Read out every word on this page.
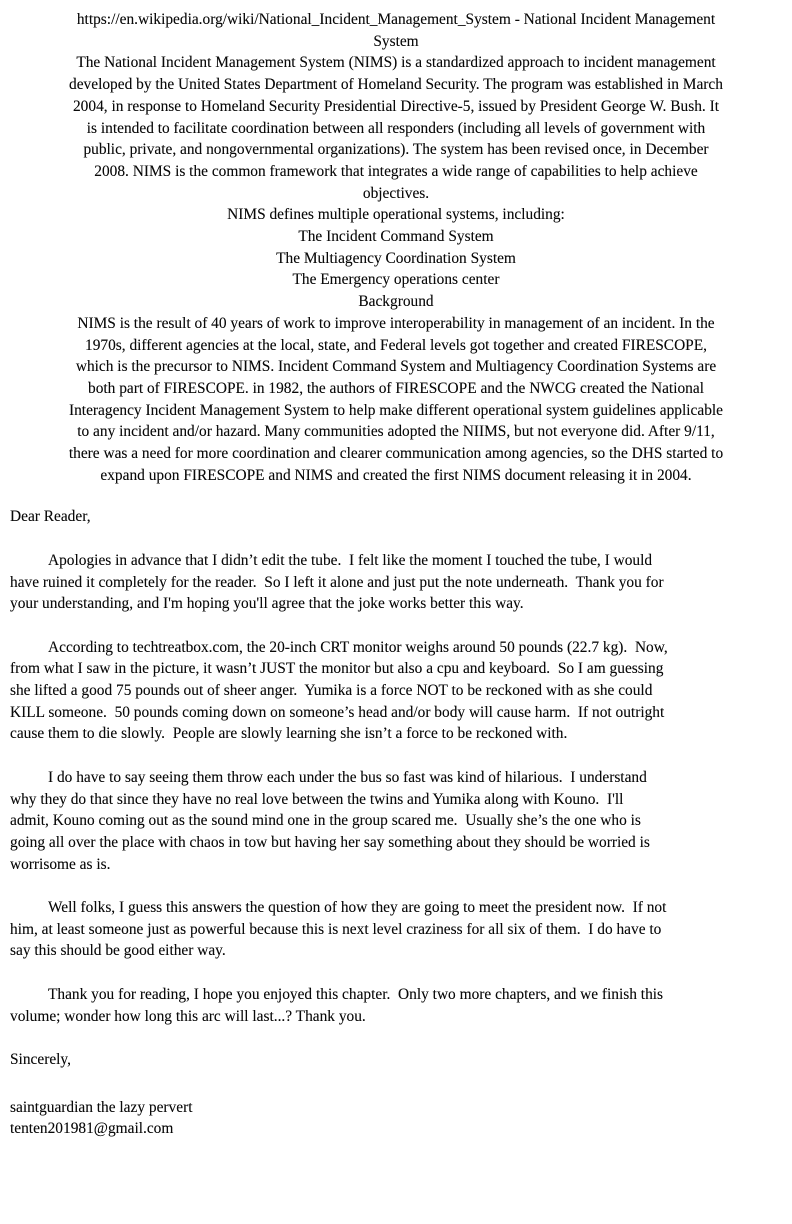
https://en.wikipedia.org/wiki/National_Incident_Management_System - National Incident Management
System
The National Incident Management System (NIMS) is a standardized approach to incident management
developed by the United States Department of Homeland Security. The program was established in March
2004, in response to Homeland Security Presidential Directive-5, issued by President George W. Bush. It
is intended to facilitate coordination between all responders (including all levels of government with
public, private, and nongovernmental organizations). The system has been revised once, in December
2008. NIMS is the common framework that integrates a wide range of capabilities to help achieve
objectives.
NIMS defines multiple operational systems, including:
The Incident Command System
The Multiagency Coordination System
The Emergency operations center
Background
NIMS is the result of 40 years of work to improve interoperability in management of an incident. In the
1970s, different agencies at the local, state, and Federal levels got together and created FIRESCOPE,
which is the precursor to NIMS. Incident Command System and Multiagency Coordination Systems are
both part of FIRESCOPE. in 1982, the authors of FIRESCOPE and the NWCG created the National
Interagency Incident Management System to help make different operational system guidelines applicable
to any incident and/or hazard. Many communities adopted the NIIMS, but not everyone did. After 9/11,
there was a need for more coordination and clearer communication among agencies, so the DHS started to
expand upon FIRESCOPE and NIMS and created the first NIMS document releasing it in 2004.
Dear Reader,
Apologies in advance that I didn’t edit the tube.  I felt like the moment I touched the tube, I would
have ruined it completely for the reader.  So I left it alone and just put the note underneath.  Thank you for
your understanding, and I'm hoping you'll agree that the joke works better this way.
According to techtreatbox.com, the 20-inch CRT monitor weighs around 50 pounds (22.7 kg).  Now,
from what I saw in the picture, it wasn’t JUST the monitor but also a cpu and keyboard.  So I am guessing
she lifted a good 75 pounds out of sheer anger.  Yumika is a force NOT to be reckoned with as she could
KILL someone.  50 pounds coming down on someone’s head and/or body will cause harm.  If not outright
cause them to die slowly.  People are slowly learning she isn’t a force to be reckoned with.
I do have to say seeing them throw each under the bus so fast was kind of hilarious.  I understand
why they do that since they have no real love between the twins and Yumika along with Kouno.  I'll
admit, Kouno coming out as the sound mind one in the group scared me.  Usually she’s the one who is
going all over the place with chaos in tow but having her say something about they should be worried is
worrisome as is.
Well folks, I guess this answers the question of how they are going to meet the president now.  If not
him, at least someone just as powerful because this is next level craziness for all six of them.  I do have to
say this should be good either way.
Thank you for reading, I hope you enjoyed this chapter.  Only two more chapters, and we finish this
volume; wonder how long this arc will last...? Thank you.
Sincerely,
saintguardian the lazy pervert
tenten201981@gmail.com
